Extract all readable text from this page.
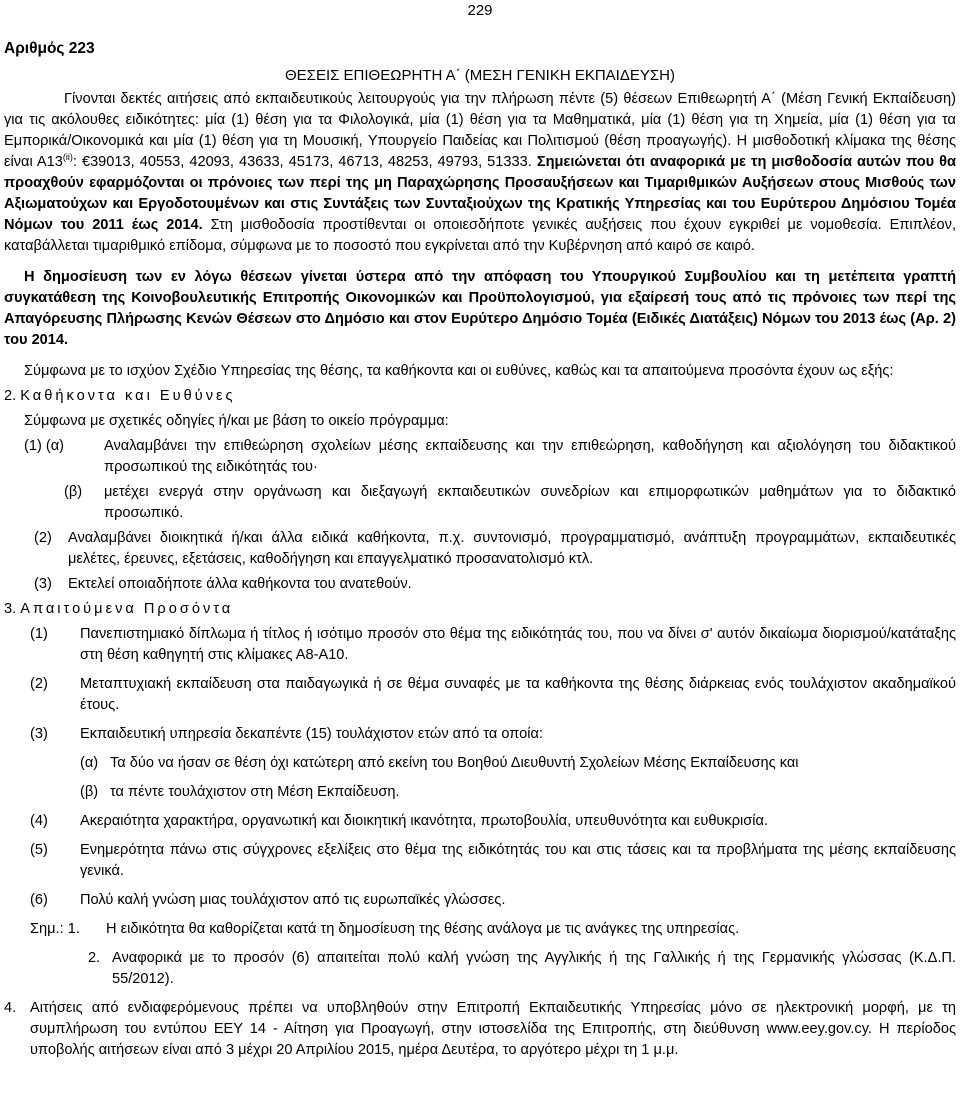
229

Αριθμός 223

ΘΕΣΕΙΣ ΕΠΙΘΕΩΡΗΤΗ Α΄ (ΜΕΣΗ ΓΕΝΙΚΗ ΕΚΠΑΙΔΕΥΣΗ)

Γίνονται δεκτές αιτήσεις από εκπαιδευτικούς λειτουργούς για την πλήρωση πέντε (5) θέσεων Επιθεωρητή Α΄ (Μέση Γενική Εκπαίδευση) για τις ακόλουθες ειδικότητες: μία (1) θέση για τα Φιλολογικά, μία (1) θέση για τα Μαθηματικά, μία (1) θέση για τη Χημεία, μία (1) θέση για τα Εμπορικά/Οικονομικά και μία (1) θέση για τη Μουσική, Υπουργείο Παιδείας και Πολιτισμού (θέση προαγωγής). Η μισθοδοτική κλίμακα της θέσης είναι Α13$^{(ii)}$: €39013, 40553, 42093, 43633, 45173, 46713, 48253, 49793, 51333. Σημειώνεται ότι αναφορικά με τη μισθοδοσία αυτών που θα προαχθούν εφαρμόζονται οι πρόνοιες των περί της μη Παραχώρησης Προσαυξήσεων και Τιμαριθμικών Αυξήσεων στους Μισθούς των Αξιωματούχων και Εργοδοτουμένων και στις Συντάξεις των Συνταξιούχων της Κρατικής Υπηρεσίας και του Ευρύτερου Δημόσιου Τομέα Νόμων του 2011 έως 2014. Στη μισθοδοσία προστίθενται οι οποιεσδήποτε γενικές αυξήσεις που έχουν εγκριθεί με νομοθεσία. Επιπλέον, καταβάλλεται τιμαριθμικό επίδομα, σύμφωνα με το ποσοστό που εγκρίνεται από την Κυβέρνηση από καιρό σε καιρό.

Η δημοσίευση των εν λόγω θέσεων γίνεται ύστερα από την απόφαση του Υπουργικού Συμβουλίου και τη μετέπειτα γραπτή συγκατάθεση της Κοινοβουλευτικής Επιτροπής Οικονομικών και Προϋπολογισμού, για εξαίρεσή τους από τις πρόνοιες των περί της Απαγόρευσης Πλήρωσης Κενών Θέσεων στο Δημόσιο και στον Ευρύτερο Δημόσιο Τομέα (Ειδικές Διατάξεις) Νόμων του 2013 έως (Αρ. 2) του 2014.

Σύμφωνα με το ισχύον Σχέδιο Υπηρεσίας της θέσης, τα καθήκοντα και οι ευθύνες, καθώς και τα απαιτούμενα προσόντα έχουν ως εξής:

2. Καθήκοντα και Ευθύνες

Σύμφωνα με σχετικές οδηγίες ή/και με βάση το οικείο πρόγραμμα:

(1) (α)	Αναλαμβάνει την επιθεώρηση σχολείων μέσης εκπαίδευσης και την επιθεώρηση, καθοδήγηση και αξιολόγηση του διδακτικού προσωπικού της ειδικότητάς του·
(β)	μετέχει ενεργά στην οργάνωση και διεξαγωγή εκπαιδευτικών συνεδρίων και επιμορφωτικών μαθημάτων για το διδακτικό προσωπικό.
(2)	Αναλαμβάνει διοικητικά ή/και άλλα ειδικά καθήκοντα, π.χ. συντονισμό, προγραμματισμό, ανάπτυξη προγραμμάτων, εκπαιδευτικές μελέτες, έρευνες, εξετάσεις, καθοδήγηση και επαγγελματικό προσανατολισμό κτλ.
(3)	Εκτελεί οποιαδήποτε άλλα καθήκοντα του ανατεθούν.

3. Απαιτούμενα Προσόντα

(1)	Πανεπιστημιακό δίπλωμα ή τίτλος ή ισότιμο προσόν στο θέμα της ειδικότητάς του, που να δίνει σ' αυτόν δικαίωμα διορισμού/κατάταξης στη θέση καθηγητή στις κλίμακες Α8-Α10.
(2)	Μεταπτυχιακή εκπαίδευση στα παιδαγωγικά ή σε θέμα συναφές με τα καθήκοντα της θέσης διάρκειας ενός τουλάχιστον ακαδημαϊκού έτους.
(3)	Εκπαιδευτική υπηρεσία δεκαπέντε (15) τουλάχιστον ετών από τα οποία:
(α) Τα δύο να ήσαν σε θέση όχι κατώτερη από εκείνη του Βοηθού Διευθυντή Σχολείων Μέσης Εκπαίδευσης και
(β) τα πέντε τουλάχιστον στη Μέση Εκπαίδευση.
(4)	Ακεραιότητα χαρακτήρα, οργανωτική και διοικητική ικανότητα, πρωτοβουλία, υπευθυνότητα και ευθυκρισία.
(5)	Ενημερότητα πάνω στις σύγχρονες εξελίξεις στο θέμα της ειδικότητάς του και στις τάσεις και τα προβλήματα της μέσης εκπαίδευσης γενικά.
(6)	Πολύ καλή γνώση μιας τουλάχιστον από τις ευρωπαϊκές γλώσσες.
Σημ.: 1.	Η ειδικότητα θα καθορίζεται κατά τη δημοσίευση της θέσης ανάλογα με τις ανάγκες της υπηρεσίας.
2. Αναφορικά με το προσόν (6) απαιτείται πολύ καλή γνώση της Αγγλικής ή της Γαλλικής ή της Γερμανικής γλώσσας (Κ.Δ.Π. 55/2012).
4. Αιτήσεις από ενδιαφερόμενους πρέπει να υποβληθούν στην Επιτροπή Εκπαιδευτικής Υπηρεσίας μόνο σε ηλεκτρονική μορφή, με τη συμπλήρωση του εντύπου ΕΕΥ 14 - Αίτηση για Προαγωγή, στην ιστοσελίδα της Επιτροπής, στη διεύθυνση www.eey.gov.cy. Η περίοδος υποβολής αιτήσεων είναι από 3 μέχρι 20 Απριλίου 2015, ημέρα Δευτέρα, το αργότερο μέχρι τη 1 μ.μ.
